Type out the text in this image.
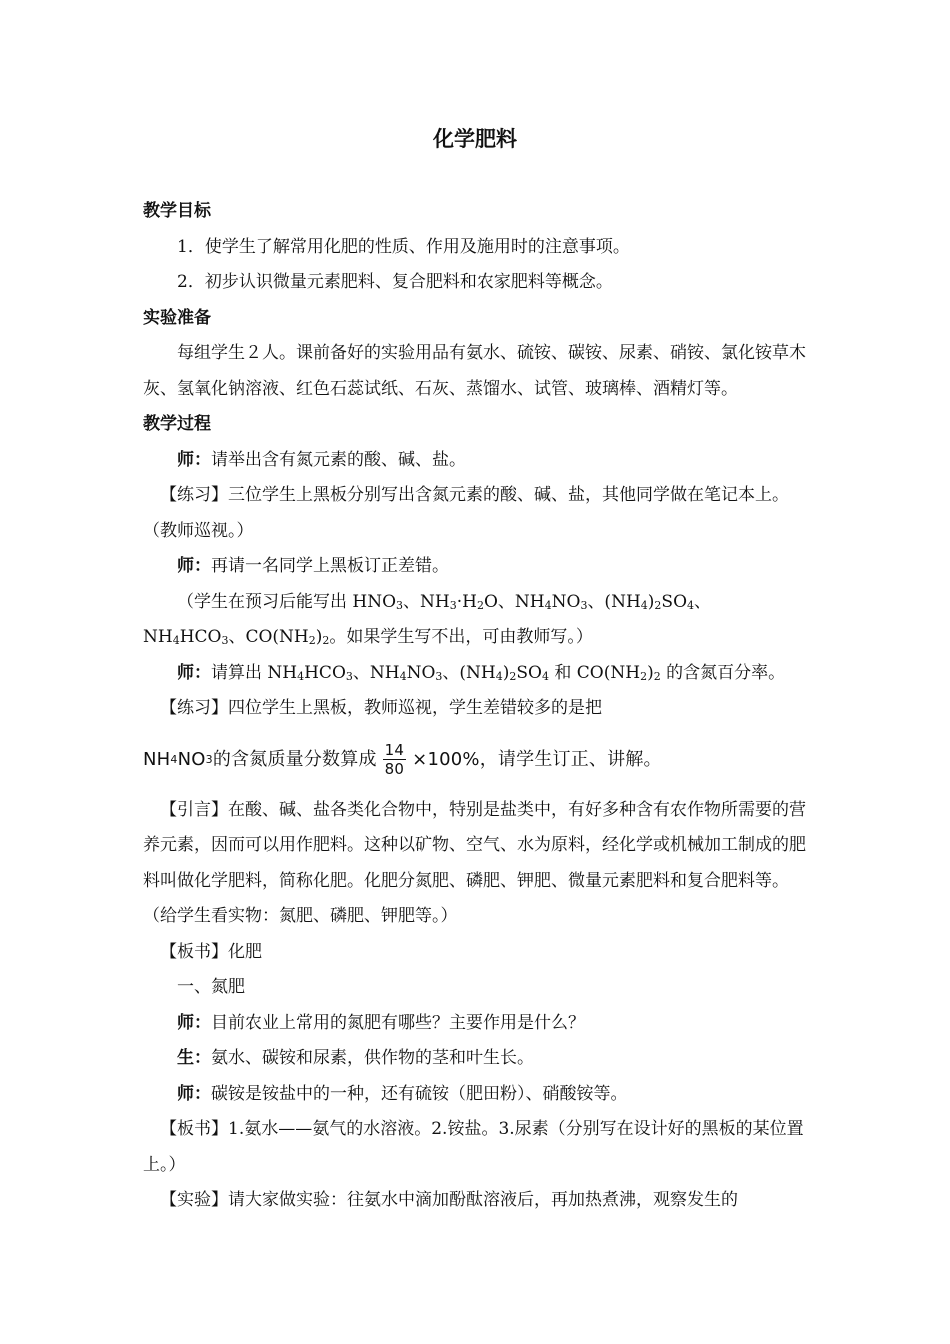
化学肥料

教学目标

1．使学生了解常用化肥的性质、作用及施用时的注意事项。

2．初步认识微量元素肥料、复合肥料和农家肥料等概念。

实验准备

每组学生２人。课前备好的实验用品有氨水、硫铵、碳铵、尿素、硝铵、氯化铵草木灰、氢氧化钠溶液、红色石蕊试纸、石灰、蒸馏水、试管、玻璃棒、酒精灯等。

教学过程

师：请举出含有氮元素的酸、碱、盐。

【练习】三位学生上黑板分别写出含氮元素的酸、碱、盐，其他同学做在笔记本上。（教师巡视。）

师：再请一名同学上黑板订正差错。

（学生在预习后能写出 $HNO_3$、$NH_3\cdot H_2O$、$NH_4NO_3$、$(NH_4)_2SO_4$、$NH_4HCO_3$、$CO(NH_2)_2$。如果学生写不出，可由教师写。）

师：请算出 $NH_4HCO_3$、$NH_4NO_3$、$(NH_4)_2SO_4$ 和 $CO(NH_2)_2$ 的含氮百分率。

【练习】四位学生上黑板，教师巡视，学生差错较多的是把

NH 4 NO 3 的含氮质量分数算成 $\frac{14}{80} \times 100\%$，请学生订正、讲解。

【引言】在酸、碱、盐各类化合物中，特别是盐类中，有好多种含有农作物所需要的营养元素，因而可以用作肥料。这种以矿物、空气、水为原料，经化学或机械加工制成的肥料叫做化学肥料，简称化肥。化肥分氮肥、磷肥、钾肥、微量元素肥料和复合肥料等。（给学生看实物：氮肥、磷肥、钾肥等。）

【板书】化肥

一、氮肥

师：目前农业上常用的氮肥有哪些？主要作用是什么？

生：氨水、碳铵和尿素，供作物的茎和叶生长。

师：碳铵是铵盐中的一种，还有硫铵（肥田粉）、硝酸铵等。

【板书】1.氨水——氨气的水溶液。2.铵盐。3.尿素（分别写在设计好的黑板的某位置上。）

【实验】请大家做实验：往氨水中滴加酚酞溶液后，再加热煮沸，观察发生的
